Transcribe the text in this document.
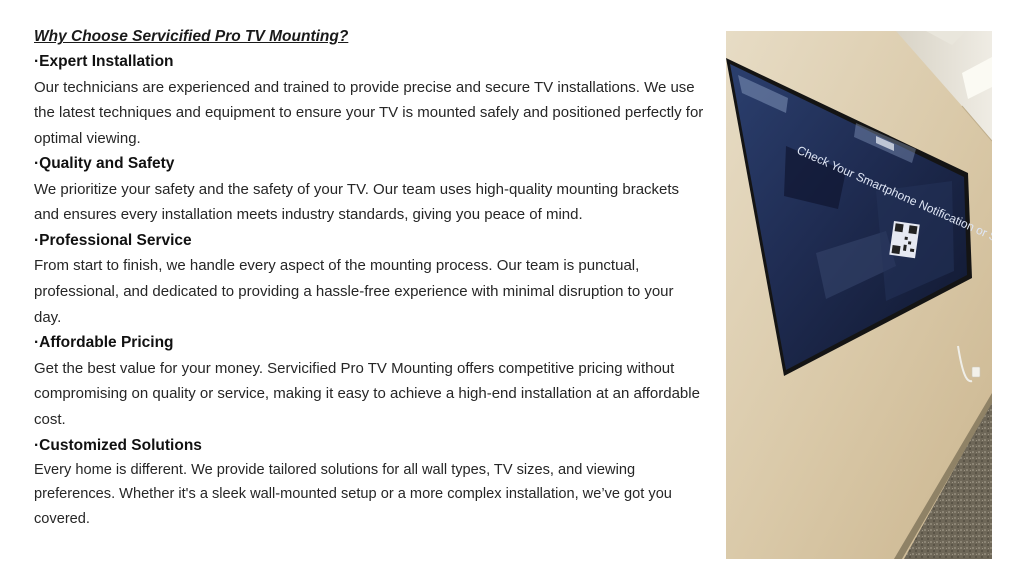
Why Choose Servicified Pro TV Mounting?
·Expert Installation
Our technicians are experienced and trained to provide precise and secure TV installations. We use the latest techniques and equipment to ensure your TV is mounted safely and positioned perfectly for optimal viewing.
·Quality and Safety
We prioritize your safety and the safety of your TV. Our team uses high-quality mounting brackets and ensures every installation meets industry standards, giving you peace of mind.
·Professional Service
From start to finish, we handle every aspect of the mounting process. Our team is punctual, professional, and dedicated to providing a hassle-free experience with minimal disruption to your day.
·Affordable Pricing
Get the best value for your money. Servicified Pro TV Mounting offers competitive pricing without compromising on quality or service, making it easy to achieve a high-end installation at an affordable cost.
·Customized Solutions
Every home is different. We provide tailored solutions for all wall types, TV sizes, and viewing preferences. Whether it's a sleek wall-mounted setup or a more complex installation, we’ve got you covered.
Check Your Smartphone Notification or Scan
